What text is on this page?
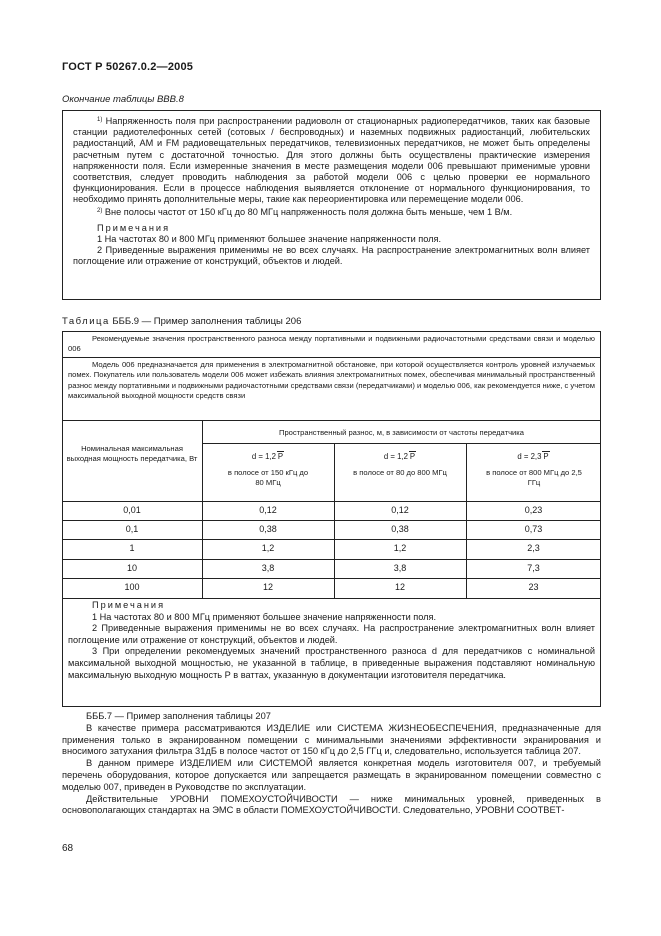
ГОСТ Р 50267.0.2—2005
Окончание таблицы ВВВ.8

$^{1)}$ Напряженность поля при распространении радиоволн от стационарных радиопередатчиков, таких как базовые станции радиотелефонных сетей (сотовых / беспроводных) и наземных подвижных радиостанций, любительских радиостанций, АМ и FM радиовещательных передатчиков, телевизионных передатчиков, не может быть определены расчетным путем с достаточной точностью. Для этого должны быть осуществлены практические измерения напряженности поля. Если измеренные значения в месте размещения модели 006 превышают применимые уровни соответствия, следует проводить наблюдения за работой модели 006 с целью проверки ее нормального функционирования. Если в процессе наблюдения выявляется отклонение от нормального функционирования, то необходимо принять дополнительные меры, такие как переориентировка или перемещение модели 006.

$^{2)}$ Вне полосы частот от 150 кГц до 80 МГц напряженность поля должна быть меньше, чем 1 В/м.

Примечания

1 На частотах 80 и 800 МГц применяют большее значение напряженности поля.

2 Приведенные выражения применимы не во всех случаях. На распространение электромагнитных волн влияет поглощение или отражение от конструкций, объектов и людей.

Таблица БББ.9 — Пример заполнения таблицы 206
Рекомендуемые значения пространственного разноса между портативными и подвижными радиочастотными средствами связи и моделью 006
Модель 006 предназначается для применения в электромагнитной обстановке, при которой осуществляется контроль уровней излучаемых помех. Покупатель или пользователь модели 006 может избежать влияния электромагнитных помех, обеспечивая минимальный пространственный разнос между портативными и подвижными радиочастотными средствами связи (передатчиками) и моделью 006, как рекомендуется ниже, с учетом максимальной выходной мощности средств связи
Номинальная максимальная выходная мощность передатчика, Вт
Пространственный разнос, м, в зависимости от частоты передатчика
d = 1,2 P	d = 1,2 P	d = 2,3 P
в полосе от 150 кГц до 80 МГц
в полосе от 80 до 800 МГц	в полосе от 800 МГц до 2,5 ГГц
0,01	0,12	0,12	0,23
0,1	0,38	0,38	0,73
1	1,2	1,2	2,3
10	3,8	3,8	7,3
100	12	12	23

Примечания

1 На частотах 80 и 800 МГц применяют большее значение напряженности поля.

2 Приведенные выражения применимы не во всех случаях. На распространение электромагнитных волн влияет поглощение или отражение от конструкций, объектов и людей.

3 При определении рекомендуемых значений пространственного разноса d для передатчиков с номинальной максимальной выходной мощностью, не указанной в таблице, в приведенные выражения подставляют номинальную максимальную выходную мощность Р в ваттах, указанную в документации изготовителя передатчика.

БББ.7 — Пример заполнения таблицы 207

В качестве примера рассматриваются ИЗДЕЛИЕ или СИСТЕМА ЖИЗНЕОБЕСПЕЧЕНИЯ, предназначенные для применения только в экранированном помещении с минимальными значениями эффективности экранирования и вносимого затухания фильтра 31дБ в полосе частот от 150 кГц до 2,5 ГГц и, следовательно, используется таблица 207.

В данном примере ИЗДЕЛИЕМ или СИСТЕМОЙ является конкретная модель изготовителя 007, и требуемый перечень оборудования, которое допускается или запрещается размещать в экранированном помещении совместно с моделью 007, приведен в Руководстве по эксплуатации.

Действительные УРОВНИ ПОМЕХОУСТОЙЧИВОСТИ — ниже минимальных уровней, приведенных в основополагающих стандартах на ЭМС в области ПОМЕХОУСТОЙЧИВОСТИ. Следовательно, УРОВНИ СООТВЕТ-

68
